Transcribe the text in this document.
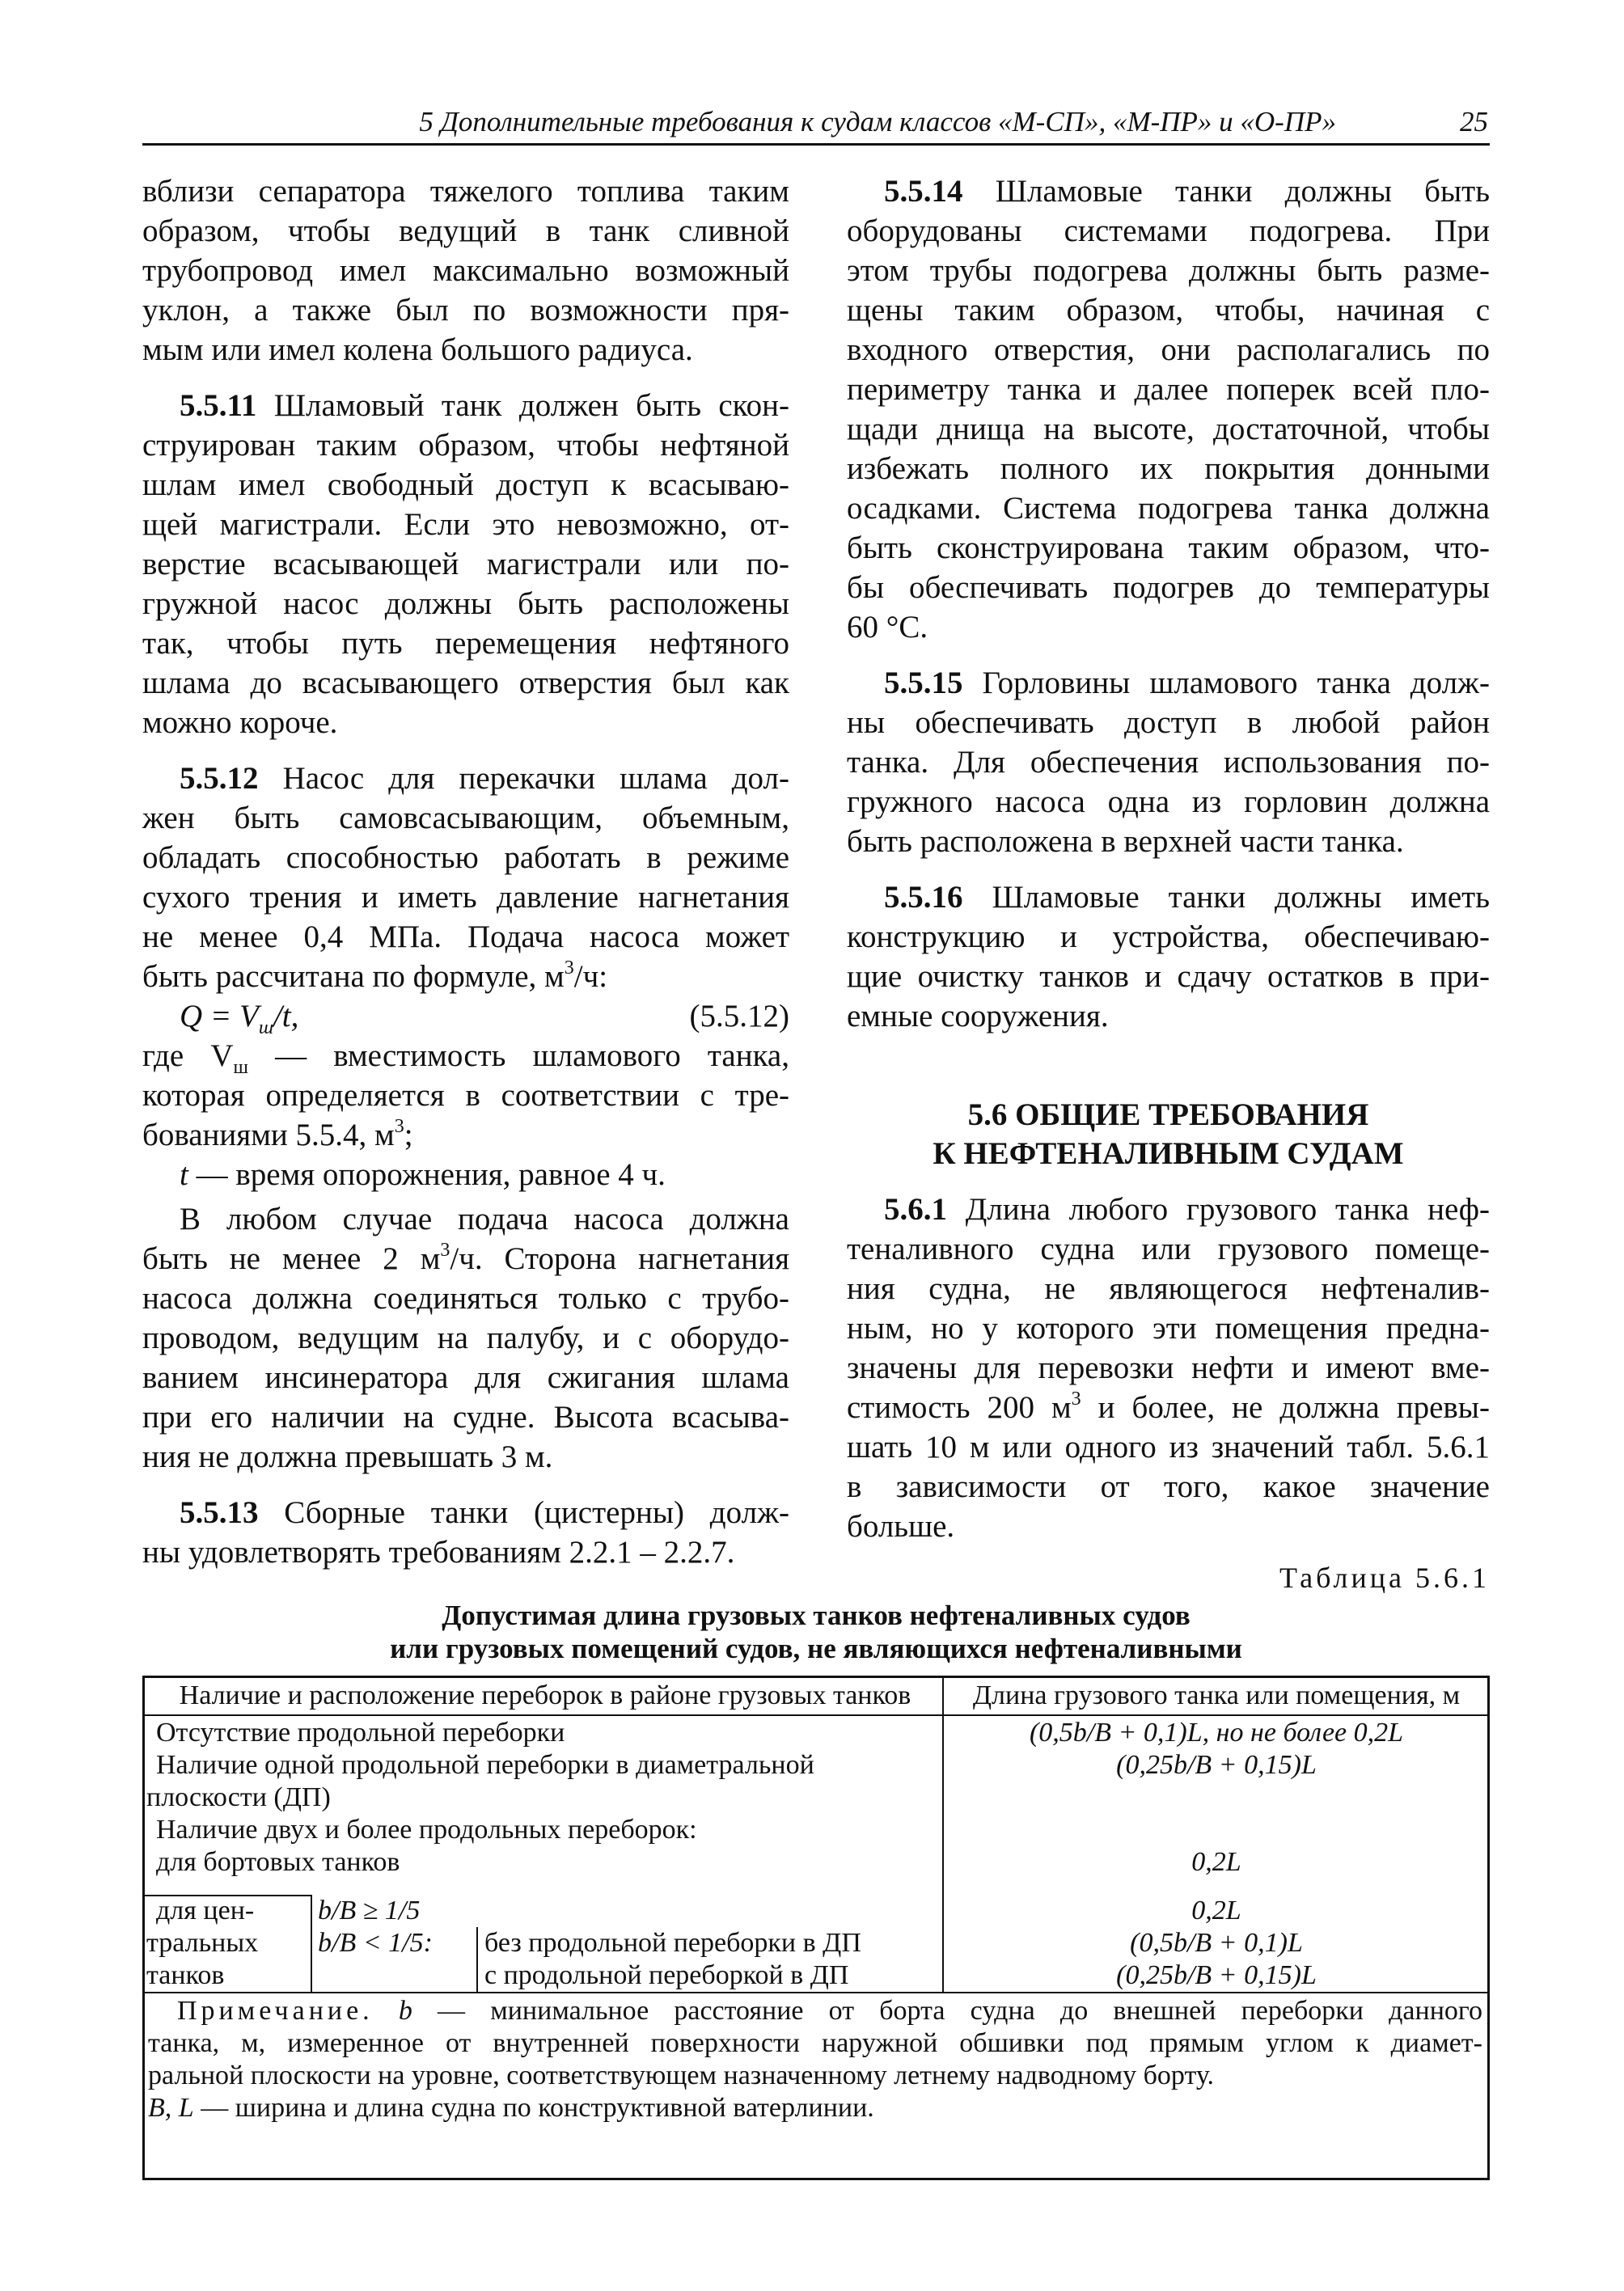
5 Дополнительные требования к судам классов «М-СП», «М-ПР» и «О-ПР»	25
вблизи сепаратора тяжелого топлива таким
образом, чтобы ведущий в танк сливной
трубопровод имел максимально возможный
уклон, а также был по возможности пря-
мым или имел колена большого радиуса.
5.5.11 Шламовый танк должен быть скон-
струирован таким образом, чтобы нефтяной
шлам имел свободный доступ к всасываю-
щей магистрали. Если это невозможно, от-
верстие всасывающей магистрали или по-
гружной насос должны быть расположены
так, чтобы путь перемещения нефтяного
шлама до всасывающего отверстия был как
можно короче.
5.5.12 Насос для перекачки шлама дол-
жен быть самовсасывающим, объемным,
обладать способностью работать в режиме
сухого трения и иметь давление нагнетания
не менее 0,4 МПа. Подача насоса может
быть рассчитана по формуле, $м^3/ч$:
$Q = V_ш/t$,	(5.5.12)
где $V_ш$ — вместимость шламового танка,
которая определяется в соответствии с тре-
бованиями 5.5.4, $м^3$;
t — время опорожнения, равное 4 ч.
В любом случае подача насоса должна
быть не менее 2 $м^3/ч$. Сторона нагнетания
насоса должна соединяться только с трубо-
проводом, ведущим на палубу, и с оборудо-
ванием инсинератора для сжигания шлама
при его наличии на судне. Высота всасыва-
ния не должна превышать 3 м.
5.5.13 Сборные танки (цистерны) долж-
ны удовлетворять требованиям 2.2.1 – 2.2.7.
5.5.14 Шламовые танки должны быть
оборудованы системами подогрева. При
этом трубы подогрева должны быть разме-
щены таким образом, чтобы, начиная с
входного отверстия, они располагались по
периметру танка и далее поперек всей пло-
щади днища на высоте, достаточной, чтобы
избежать полного их покрытия донными
осадками. Система подогрева танка должна
быть сконструирована таким образом, что-
бы обеспечивать подогрев до температуры
60 °С.
5.5.15 Горловины шламового танка долж-
ны обеспечивать доступ в любой район
танка. Для обеспечения использования по-
гружного насоса одна из горловин должна
быть расположена в верхней части танка.
5.5.16 Шламовые танки должны иметь
конструкцию и устройства, обеспечиваю-
щие очистку танков и сдачу остатков в при-
емные сооружения.
5.6 ОБЩИЕ ТРЕБОВАНИЯ
К НЕФТЕНАЛИВНЫМ СУДАМ
5.6.1 Длина любого грузового танка неф-
теналивного судна или грузового помеще-
ния судна, не являющегося нефтеналив-
ным, но у которого эти помещения предна-
значены для перевозки нефти и имеют вме-
стимость 200 $м^3$ и более, не должна превы-
шать 10 м или одного из значений табл. 5.6.1
в зависимости от того, какое значение
больше.
Таблица 5.6.1
Допустимая длина грузовых танков нефтеналивных судов
или грузовых помещений судов, не являющихся нефтеналивными
Наличие и расположение переборок в районе грузовых танков	Длина грузового танка или помещения, м
Отсутствие продольной переборки	(0,5b/B + 0,1)L, но не более 0,2L
Наличие одной продольной переборки в диаметральной
плоскости (ДП)
(0,25b/B + 0,15)L
Наличие двух и более продольных переборок:
для бортовых танков	0,2L
для цен-
тральных
танков
b/B ≥ 1/5	0,2L
b/B < 1/5: без продольной переборки в ДП	(0,5b/B + 0,1)L
с продольной переборкой в ДП	(0,25b/B + 0,15)L
Примечание. b — минимальное расстояние от борта судна до внешней переборки данного
танка, м, измеренное от внутренней поверхности наружной обшивки под прямым углом к диамет-
ральной плоскости на уровне, соответствующем назначенному летнему надводному борту.
B, L — ширина и длина судна по конструктивной ватерлинии.
